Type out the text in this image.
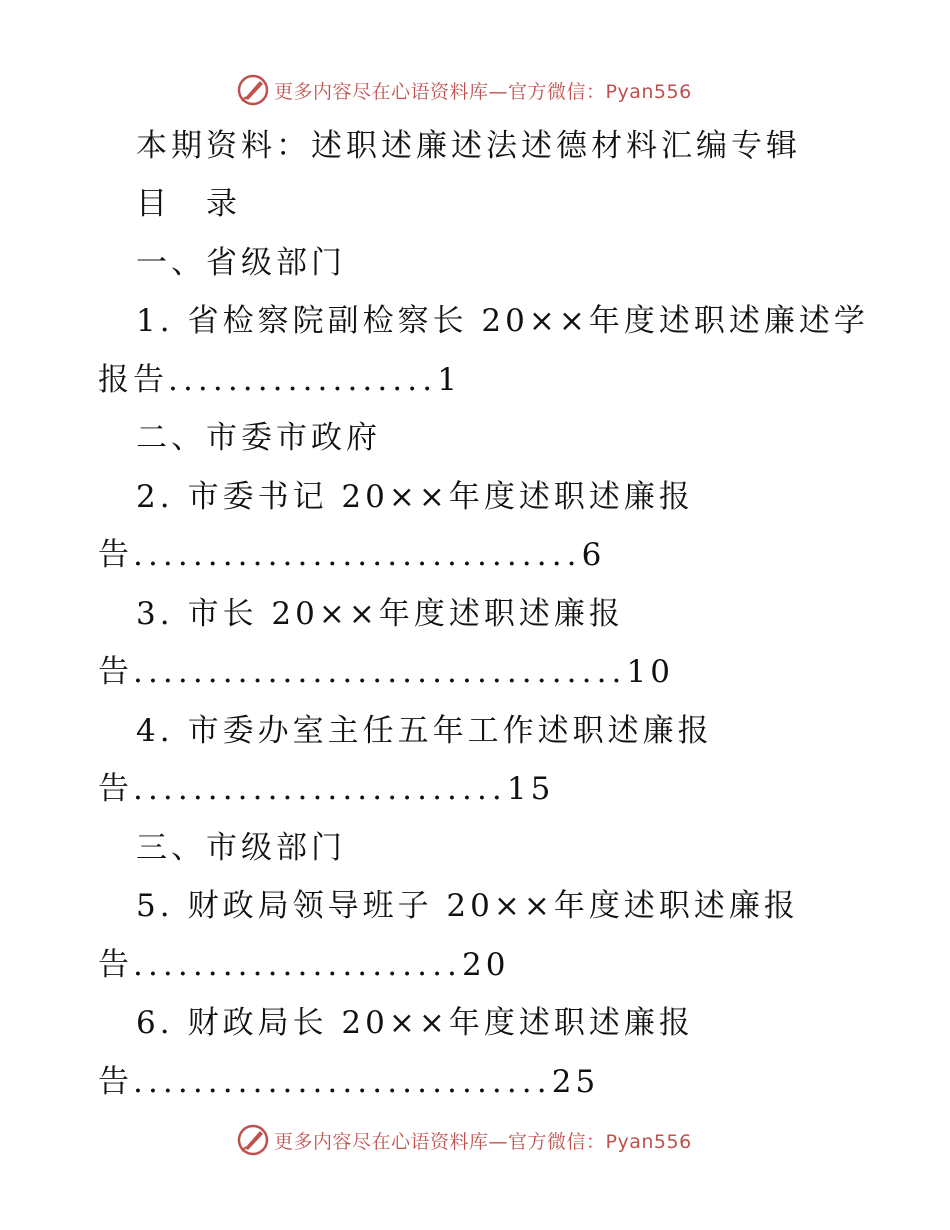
更多内容尽在心语资料库—官方微信：Pyan556
本期资料：述职述廉述法述德材料汇编专辑
目　录
一、省级部门
1. 省检察院副检察长 20××年度述职述廉述学
报告..................1
二、市委市政府
2. 市委书记 20××年度述职述廉报
告..............................6
3. 市长 20××年度述职述廉报
告.................................10
4. 市委办室主任五年工作述职述廉报
告.........................15
三、市级部门
5. 财政局领导班子 20××年度述职述廉报
告......................20
6. 财政局长 20××年度述职述廉报
告............................25
更多内容尽在心语资料库—官方微信：Pyan556
